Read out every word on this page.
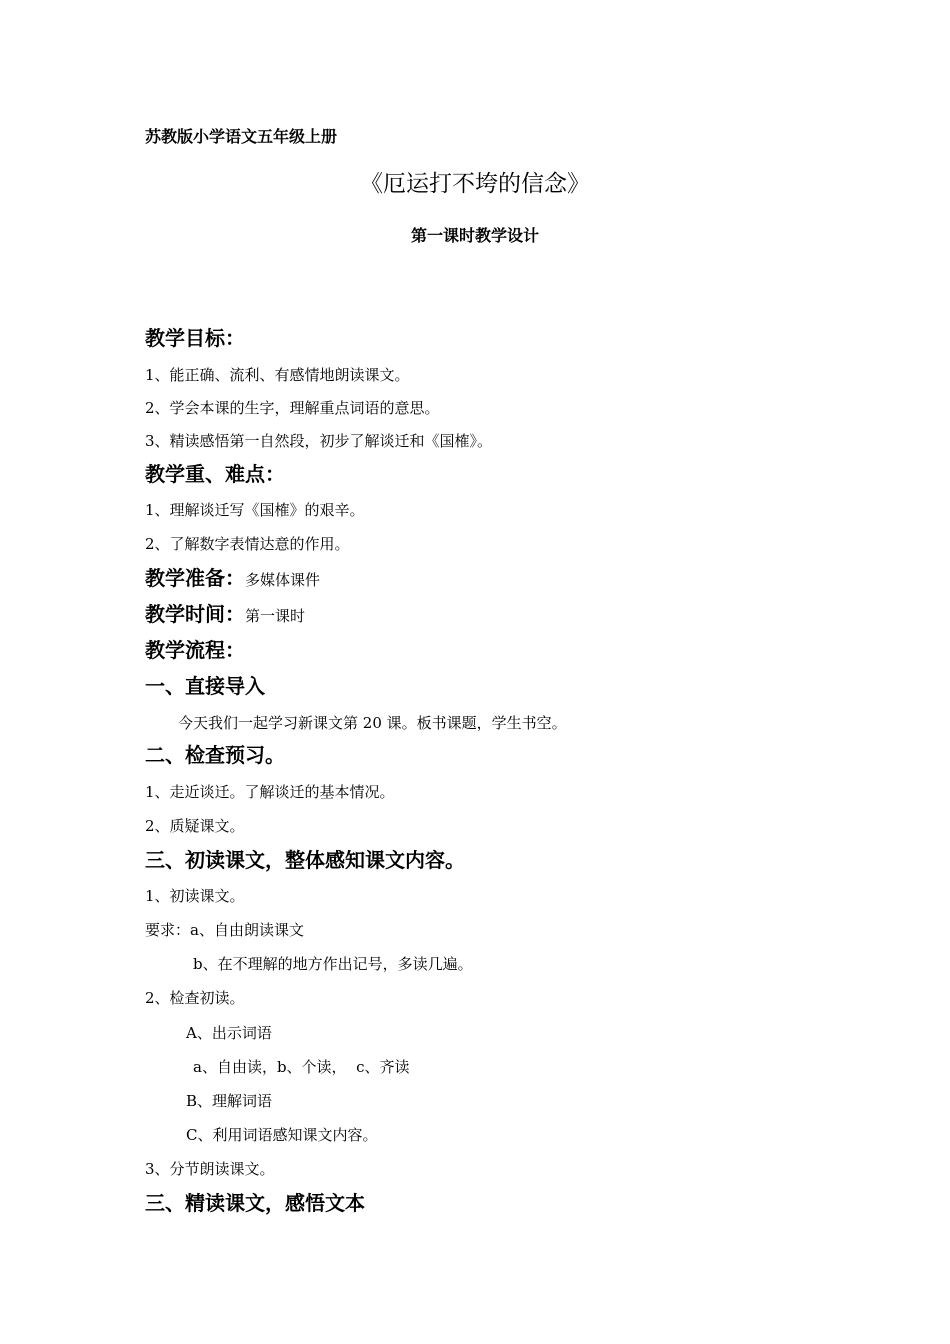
苏教版小学语文五年级上册
《厄运打不垮的信念》
第一课时教学设计
教学目标：
1、能正确、流利、有感情地朗读课文。
2、学会本课的生字，理解重点词语的意思。
3、精读感悟第一自然段，初步了解谈迁和《国榷》。
教学重、难点：
1、理解谈迁写《国榷》的艰辛。
2、了解数字表情达意的作用。
教学准备：多媒体课件
教学时间：第一课时
教学流程：
一、直接导入
今天我们一起学习新课文第 20 课。板书课题，学生书空。
二、检查预习。
1、走近谈迁。了解谈迁的基本情况。
2、质疑课文。
三、初读课文，整体感知课文内容。
1、初读课文。
要求：a、自由朗读课文
b、在不理解的地方作出记号，多读几遍。
2、检查初读。
A、出示词语
a、自由读，b、个读，  c、齐读
B、理解词语
C、利用词语感知课文内容。
3、分节朗读课文。
三、精读课文，感悟文本
